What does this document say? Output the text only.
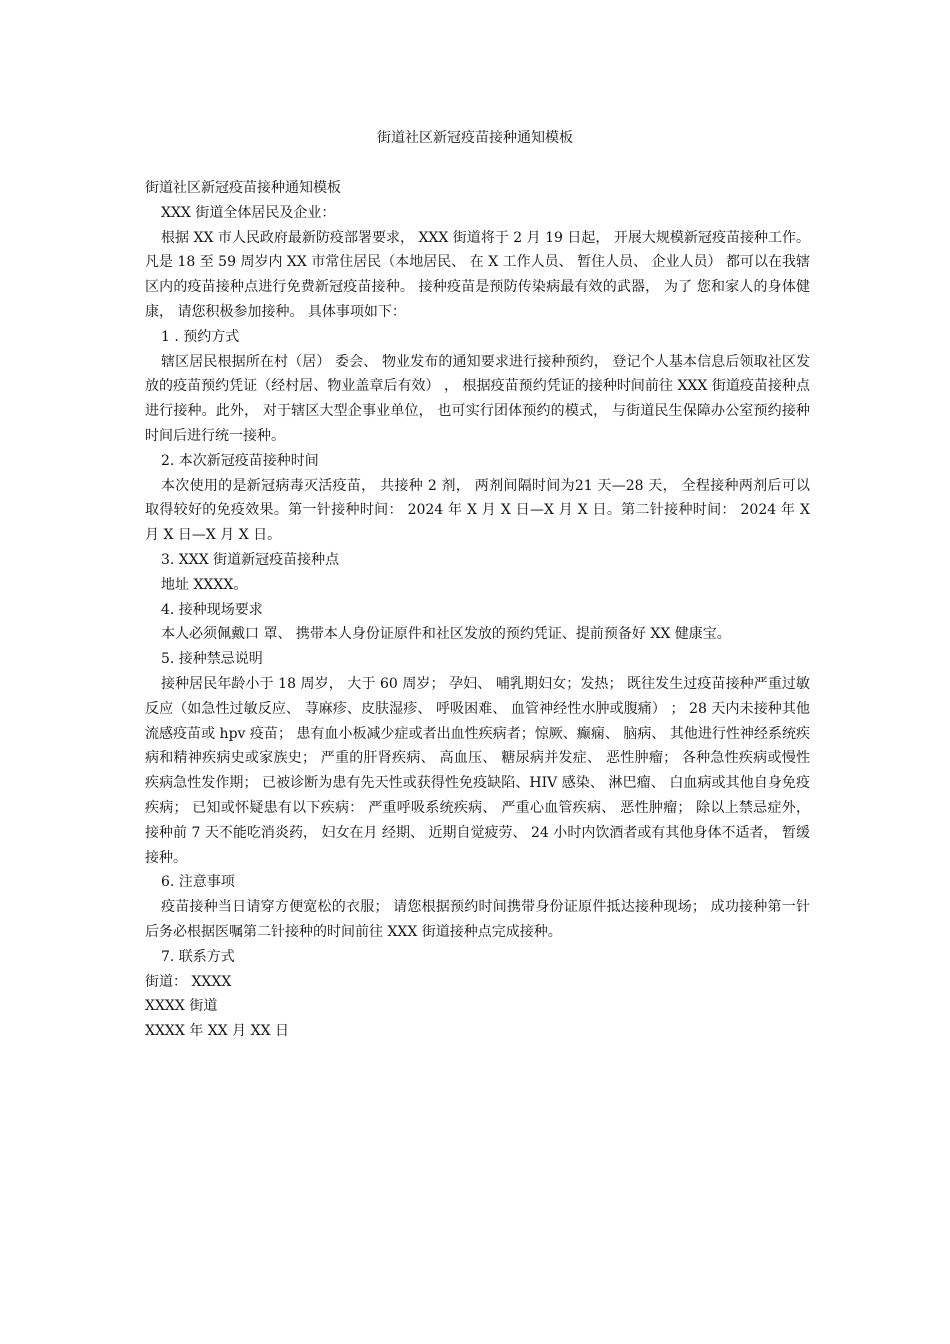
街道社区新冠疫苗接种通知模板

街道社区新冠疫苗接种通知模板

XXX 街道全体居民及企业：

根据 XX 市人民政府最新防疫部署要求， XXX 街道将于 2 月 19 日起， 开展大规模新冠疫苗接种工作。 凡是 18 至 59 周岁内 XX 市常住居民（本地居民、 在 X 工作人员、 暂住人员、 企业人员） 都可以在我辖区内的疫苗接种点进行免费新冠疫苗接种。 接种疫苗是预防传染病最有效的武器， 为了 您和家人的身体健康， 请您积极参加接种。 具体事项如下：

1 . 预约方式

辖区居民根据所在村（居） 委会、 物业发布的通知要求进行接种预约， 登记个人基本信息后领取社区发放的疫苗预约凭证（经村居、物业盖章后有效） ， 根据疫苗预约凭证的接种时间前往 XXX 街道疫苗接种点进行接种。此外， 对于辖区大型企事业单位， 也可实行团体预约的模式， 与街道民生保障办公室预约接种时间后进行统一接种。

2. 本次新冠疫苗接种时间

本次使用的是新冠病毒灭活疫苗， 共接种 2 剂， 两剂间隔时间为21 天—28 天， 全程接种两剂后可以取得较好的免疫效果。第一针接种时间： 2024 年 X 月 X 日—X 月 X 日。第二针接种时间： 2024 年 X 月 X 日—X 月 X 日。

3. XXX 街道新冠疫苗接种点

地址 XXXX。

4. 接种现场要求

本人必须佩戴口 罩、 携带本人身份证原件和社区发放的预约凭证、提前预备好 XX 健康宝。

5. 接种禁忌说明

接种居民年龄小于 18 周岁， 大于 60 周岁； 孕妇、 哺乳期妇女；发热； 既往发生过疫苗接种严重过敏反应（如急性过敏反应、 荨麻疹、皮肤湿疹、 呼吸困难、 血管神经性水肿或腹痛） ； 28 天内未接种其他流感疫苗或 hpv 疫苗； 患有血小板减少症或者出血性疾病者；惊厥、癫痫、 脑病、 其他进行性神经系统疾病和精神疾病史或家族史； 严重的肝肾疾病、 高血压、 糖尿病并发症、 恶性肿瘤； 各种急性疾病或慢性疾病急性发作期； 已被诊断为患有先天性或获得性免疫缺陷、HIV 感染、 淋巴瘤、 白血病或其他自身免疫疾病； 已知或怀疑患有以下疾病： 严重呼吸系统疾病、 严重心血管疾病、 恶性肿瘤； 除以上禁忌症外，接种前 7 天不能吃消炎药， 妇女在月 经期、 近期自觉疲劳、 24 小时内饮酒者或有其他身体不适者， 暂缓接种。

6. 注意事项

疫苗接种当日请穿方便宽松的衣服； 请您根据预约时间携带身份证原件抵达接种现场； 成功接种第一针后务必根据医嘱第二针接种的时间前往 XXX 街道接种点完成接种。

7. 联系方式

街道： XXXX

XXXX 街道

XXXX 年 XX 月 XX 日
